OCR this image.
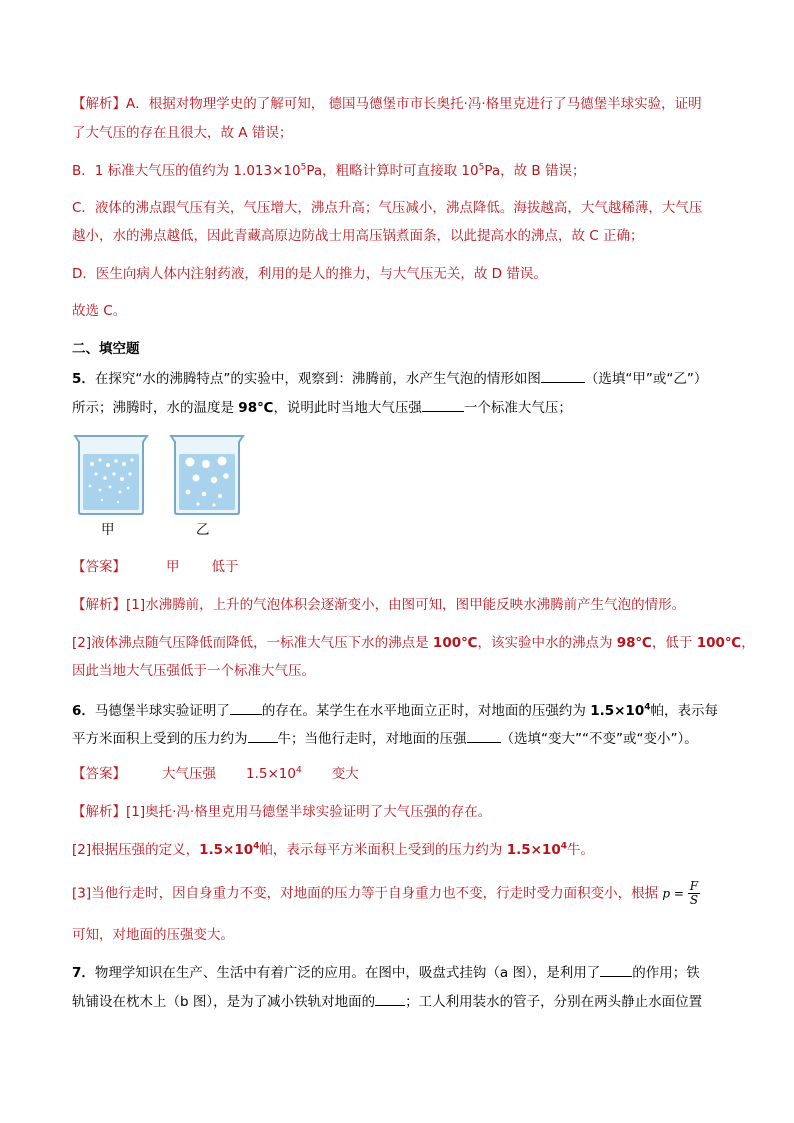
【解析】A．根据对物理学史的了解可知， 德国马德堡市市长奥托·冯·格里克进行了马德堡半球实验，证明
了大气压的存在且很大，故 A 错误；
B．1 标准大气压的值约为 $1.013\times 10^5Pa$，粗略计算时可直接取 $10^5Pa$，故 B 错误；
C．液体的沸点跟气压有关，气压增大，沸点升高；气压减小，沸点降低。海拔越高，大气越稀薄，大气压
越小，水的沸点越低，因此青藏高原边防战士用高压锅煮面条，以此提高水的沸点，故 C 正确；
D．医生向病人体内注射药液，利用的是人的推力，与大气压无关，故 D 错误。
故选 C。
二、填空题
5．在探究“水的沸腾特点”的实验中，观察到：沸腾前，水产生气泡的情形如图	（选填“甲”或“乙”）
所示；沸腾时，水的温度是 98℃，说明此时当地大气压强	一个标准大气压；
甲	乙
【答案】	甲 低于
【解析】[1]水沸腾前，上升的气泡体积会逐渐变小，由图可知，图甲能反映水沸腾前产生气泡的情形。
[2]液体沸点随气压降低而降低，一标准大气压下水的沸点是 100℃，该实验中水的沸点为 98℃，低于 100℃，
因此当地大气压强低于一个标准大气压。
6．马德堡半球实验证明了 的存在。某学生在水平地面立正时，对地面的压强约为 $1.5\times 10^4$帕，表示每
平方米面积上受到的压力约为 牛；当他行走时，对地面的压强	（选填“变大”“不变”或“变小”）。
【答案】	大气压强 $1.5\times 10^4$ 变大
【解析】[1]奥托·冯·格里克用马德堡半球实验证明了大气压强的存在。
[2]根据压强的定义，$1.5\times 10^4$帕，表示每平方米面积上受到的压力约为 $1.5\times 10^4$牛。
[3]当他行走时，因自身重力不变，对地面的压力等于自身重力也不变，行走时受力面积变小，根据 $p = \frac{F}{S}$
可知，对地面的压强变大。
7．物理学知识在生产、生活中有着广泛的应用。在图中，吸盘式挂钩（a 图），是利用了 的作用；铁
轨铺设在枕木上（b 图），是为了减小铁轨对地面的 ；工人利用装水的管子，分别在两头静止水面位置
